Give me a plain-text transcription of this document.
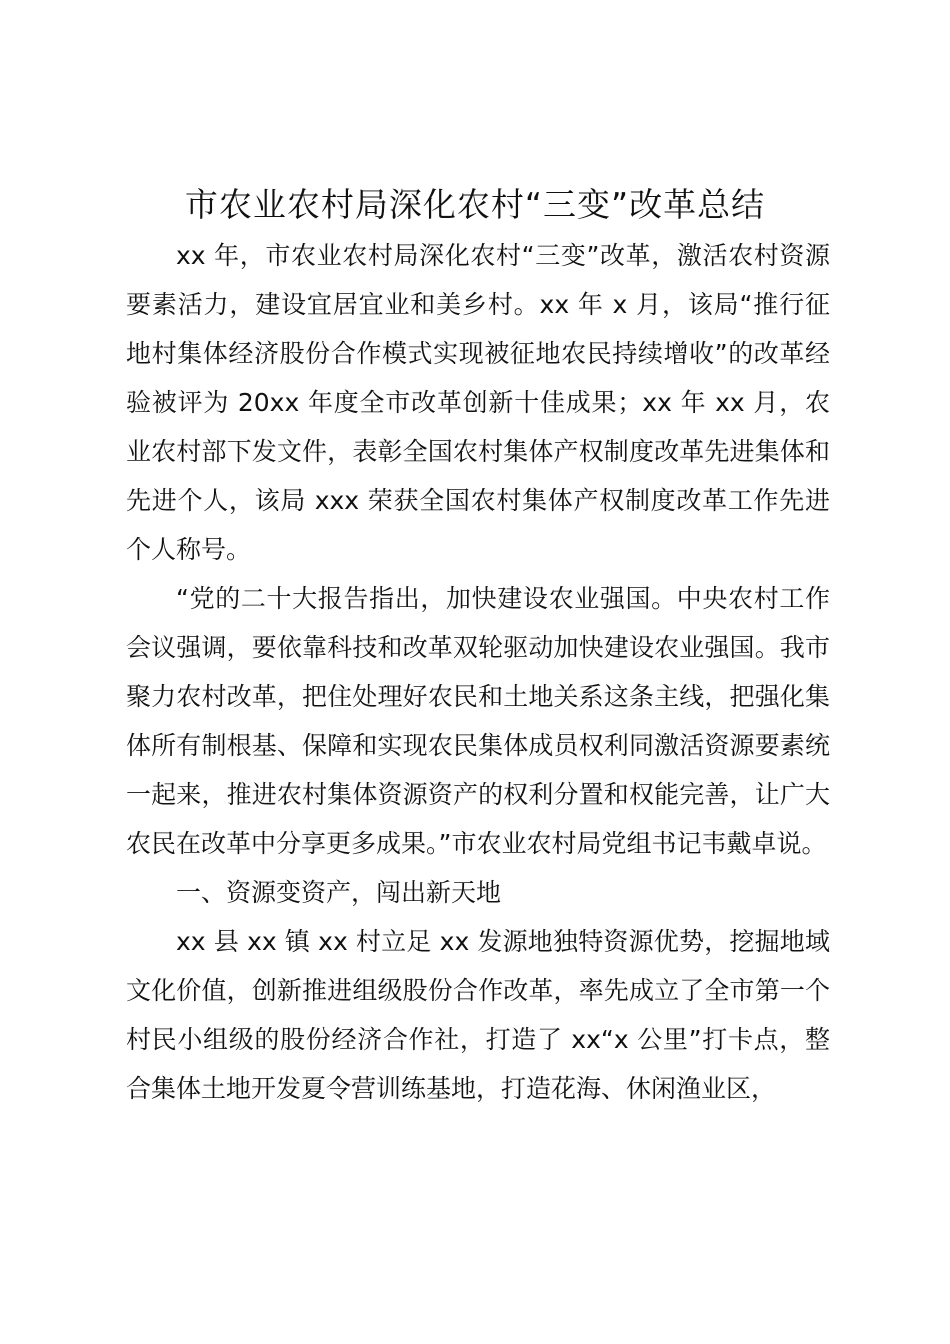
市农业农村局深化农村“三变”改革总结

xx 年，市农业农村局深化农村“三变”改革，激活农村资源要素活力，建设宜居宜业和美乡村。xx 年 x 月，该局“推行征地村集体经济股份合作模式实现被征地农民持续增收”的改革经验被评为 20xx 年度全市改革创新十佳成果；xx 年 xx 月，农业农村部下发文件，表彰全国农村集体产权制度改革先进集体和先进个人，该局 xxx 荣获全国农村集体产权制度改革工作先进个人称号。

“党的二十大报告指出，加快建设农业强国。中央农村工作会议强调，要依靠科技和改革双轮驱动加快建设农业强国。我市聚力农村改革，把住处理好农民和土地关系这条主线，把强化集体所有制根基、保障和实现农民集体成员权利同激活资源要素统一起来，推进农村集体资源资产的权利分置和权能完善，让广大农民在改革中分享更多成果。”市农业农村局党组书记韦戴卓说。

一、资源变资产，闯出新天地

xx 县 xx 镇 xx 村立足 xx 发源地独特资源优势，挖掘地域文化价值，创新推进组级股份合作改革，率先成立了全市第一个村民小组级的股份经济合作社，打造了 xx“x 公里”打卡点，整合集体土地开发夏令营训练基地，打造花海、休闲渔业区，
